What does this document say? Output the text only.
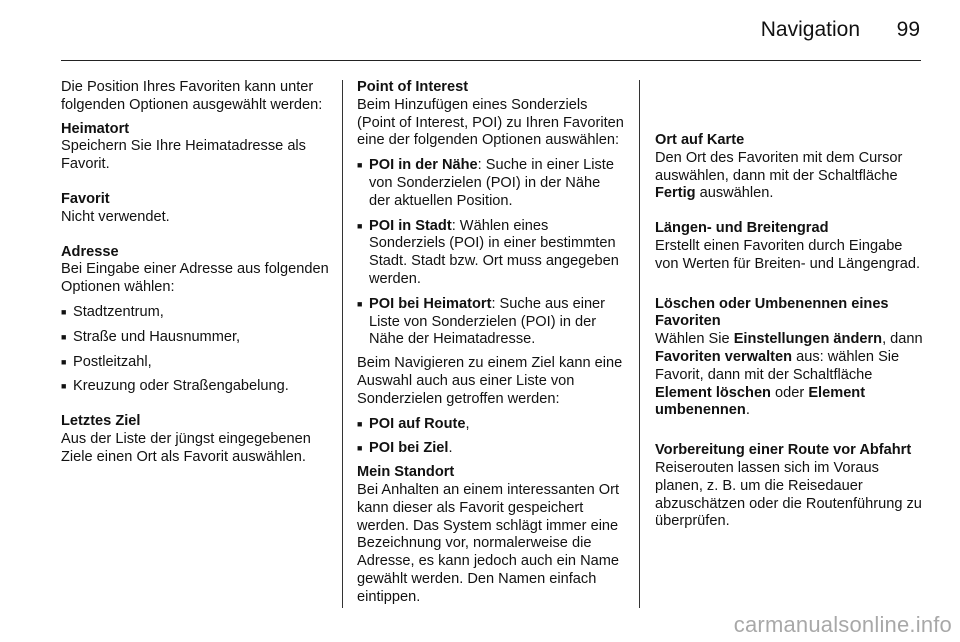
Navigation	99

Die Position Ihres Favoriten kann unter folgenden Optionen ausgewählt werden:

Heimatort

Speichern Sie Ihre Heimatadresse als Favorit.

Favorit

Nicht verwendet.

Adresse

Bei Eingabe einer Adresse aus folgenden Optionen wählen:

■ Stadtzentrum,
■ Straße und Hausnummer,
■ Postleitzahl,
■ Kreuzung oder Straßengabelung.

Letztes Ziel

Aus der Liste der jüngst eingegebenen Ziele einen Ort als Favorit auswählen.

Point of Interest

Beim Hinzufügen eines Sonderziels (Point of Interest, POI) zu Ihren Favoriten eine der folgenden Optionen auswählen:

■ POI in der Nähe: Suche in einer Liste von Sonderzielen (POI) in der Nähe der aktuellen Position.
■ POI in Stadt: Wählen eines Sonderziels (POI) in einer bestimmten Stadt. Stadt bzw. Ort muss angegeben werden.
■ POI bei Heimatort: Suche aus einer Liste von Sonderzielen (POI) in der Nähe der Heimatadresse.

Beim Navigieren zu einem Ziel kann eine Auswahl auch aus einer Liste von Sonderzielen getroffen werden:

■ POI auf Route,
■ POI bei Ziel.

Mein Standort

Bei Anhalten an einem interessanten Ort kann dieser als Favorit gespeichert werden. Das System schlägt immer eine Bezeichnung vor, normalerweise die Adresse, es kann jedoch auch ein Name gewählt werden. Den Namen einfach eintippen.

Ort auf Karte

Den Ort des Favoriten mit dem Cursor auswählen, dann mit der Schaltfläche Fertig auswählen.

Längen- und Breitengrad

Erstellt einen Favoriten durch Eingabe von Werten für Breiten- und Längengrad.

Löschen oder Umbenennen eines Favoriten

Wählen Sie Einstellungen ändern, dann Favoriten verwalten aus: wählen Sie Favorit, dann mit der Schaltfläche Element löschen oder Element umbenennen.

Vorbereitung einer Route vor Abfahrt

Reiserouten lassen sich im Voraus planen, z. B. um die Reisedauer abzuschätzen oder die Routenführung zu überprüfen.

carmanualsonline.info
